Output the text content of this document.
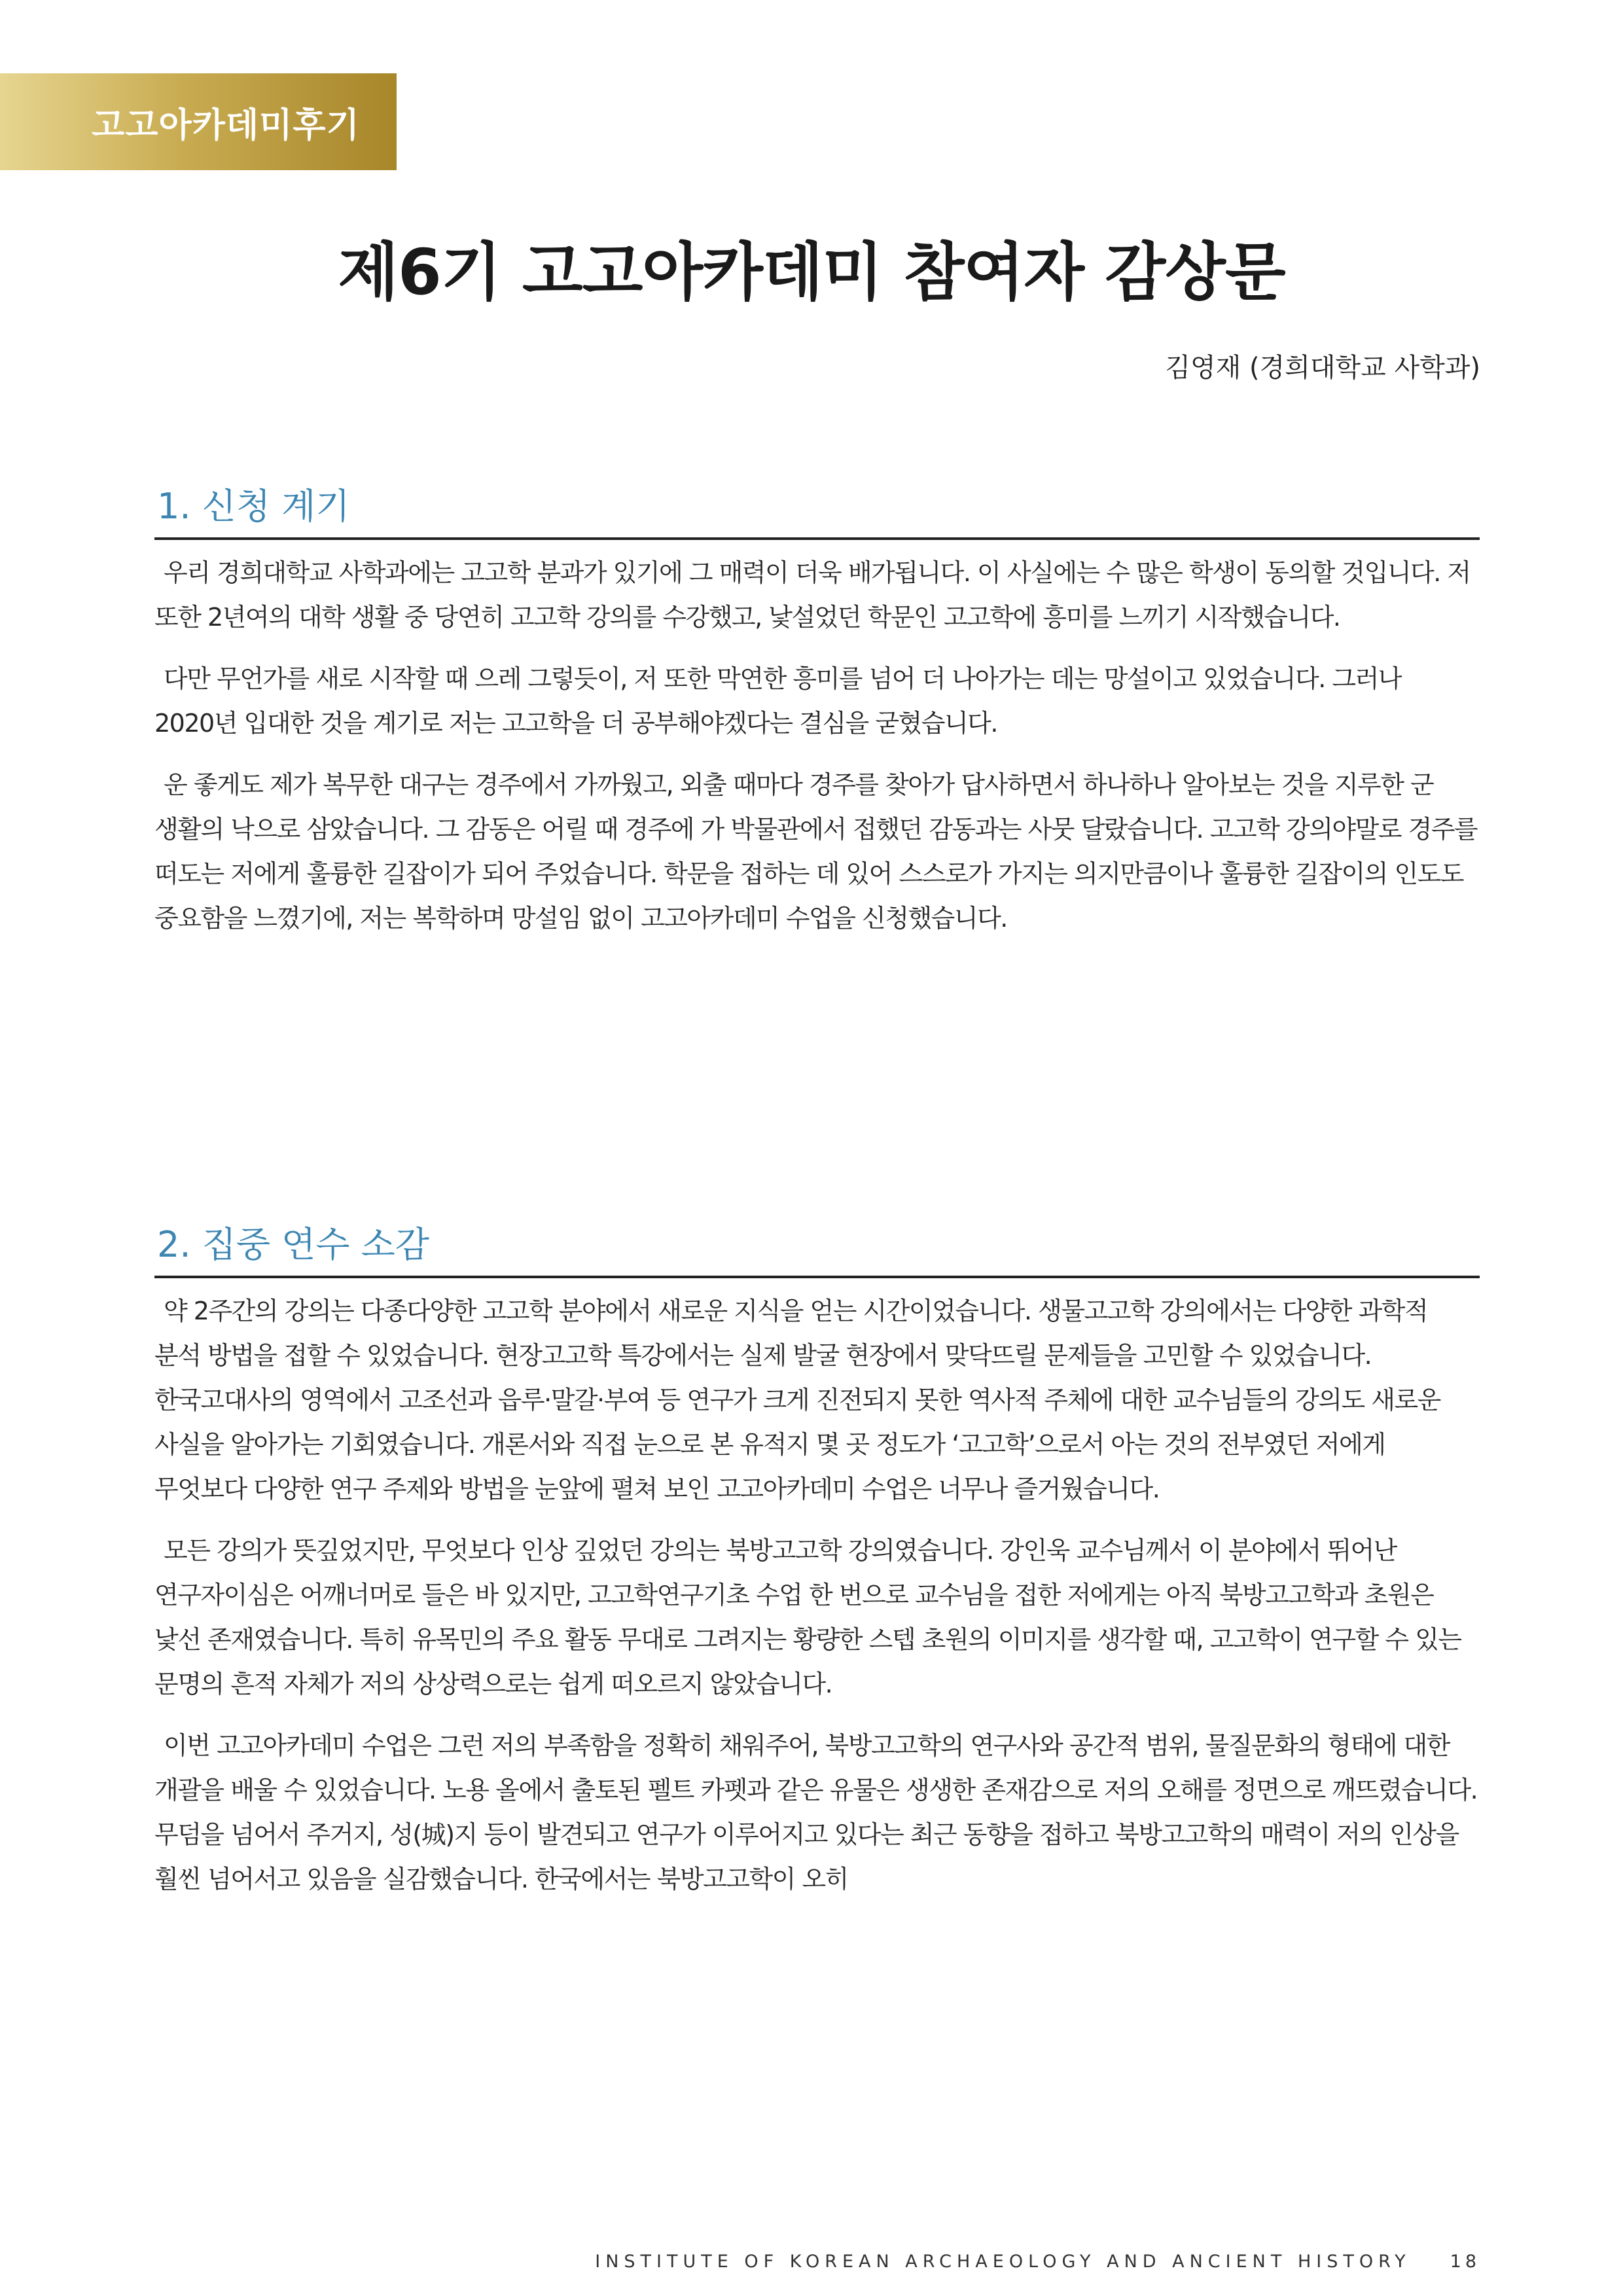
고고아카데미후기
제6기 고고아카데미 참여자 감상문
김영재 (경희대학교 사학과)
1. 신청 계기

우리 경희대학교 사학과에는 고고학 분과가 있기에 그 매력이 더욱 배가됩니다. 이 사실에는 수 많은 학생이 동의할 것입니다. 저 또한 2년여의 대학 생활 중 당연히 고고학 강의를 수강했고, 낯설었던 학문인 고고학에 흥미를 느끼기 시작했습니다.

다만 무언가를 새로 시작할 때 으레 그렇듯이, 저 또한 막연한 흥미를 넘어 더 나아가는 데는 망설이고 있었습니다. 그러나 2020년 입대한 것을 계기로 저는 고고학을 더 공부해야겠다는 결심을 굳혔습니다.

운 좋게도 제가 복무한 대구는 경주에서 가까웠고, 외출 때마다 경주를 찾아가 답사하면서 하나하나 알아보는 것을 지루한 군 생활의 낙으로 삼았습니다. 그 감동은 어릴 때 경주에 가 박물관에서 접했던 감동과는 사뭇 달랐습니다. 고고학 강의야말로 경주를 떠도는 저에게 훌륭한 길잡이가 되어 주었습니다. 학문을 접하는 데 있어 스스로가 가지는 의지만큼이나 훌륭한 길잡이의 인도도 중요함을 느꼈기에, 저는 복학하며 망설임 없이 고고아카데미 수업을 신청했습니다.

2. 집중 연수 소감

약 2주간의 강의는 다종다양한 고고학 분야에서 새로운 지식을 얻는 시간이었습니다. 생물고고학 강의에서는 다양한 과학적 분석 방법을 접할 수 있었습니다. 현장고고학 특강에서는 실제 발굴 현장에서 맞닥뜨릴 문제들을 고민할 수 있었습니다. 한국고대사의 영역에서 고조선과 읍루·말갈·부여 등 연구가 크게 진전되지 못한 역사적 주체에 대한 교수님들의 강의도 새로운 사실을 알아가는 기회였습니다. 개론서와 직접 눈으로 본 유적지 몇 곳 정도가 ‘고고학’으로서 아는 것의 전부였던 저에게 무엇보다 다양한 연구 주제와 방법을 눈앞에 펼쳐 보인 고고아카데미 수업은 너무나 즐거웠습니다.

모든 강의가 뜻깊었지만, 무엇보다 인상 깊었던 강의는 북방고고학 강의였습니다. 강인욱 교수님께서 이 분야에서 뛰어난 연구자이심은 어깨너머로 들은 바 있지만, 고고학연구기초 수업 한 번으로 교수님을 접한 저에게는 아직 북방고고학과 초원은 낯선 존재였습니다. 특히 유목민의 주요 활동 무대로 그려지는 황량한 스텝 초원의 이미지를 생각할 때, 고고학이 연구할 수 있는 문명의 흔적 자체가 저의 상상력으로는 쉽게 떠오르지 않았습니다.

이번 고고아카데미 수업은 그런 저의 부족함을 정확히 채워주어, 북방고고학의 연구사와 공간적 범위, 물질문화의 형태에 대한 개괄을 배울 수 있었습니다. 노용 올에서 출토된 펠트 카펫과 같은 유물은 생생한 존재감으로 저의 오해를 정면으로 깨뜨렸습니다. 무덤을 넘어서 주거지, 성(城)지 등이 발견되고 연구가 이루어지고 있다는 최근 동향을 접하고 북방고고학의 매력이 저의 인상을 훨씬 넘어서고 있음을 실감했습니다. 한국에서는 북방고고학이 오히

INSTITUTE OF KOREAN ARCHAEOLOGY AND ANCIENT HISTORY 18
